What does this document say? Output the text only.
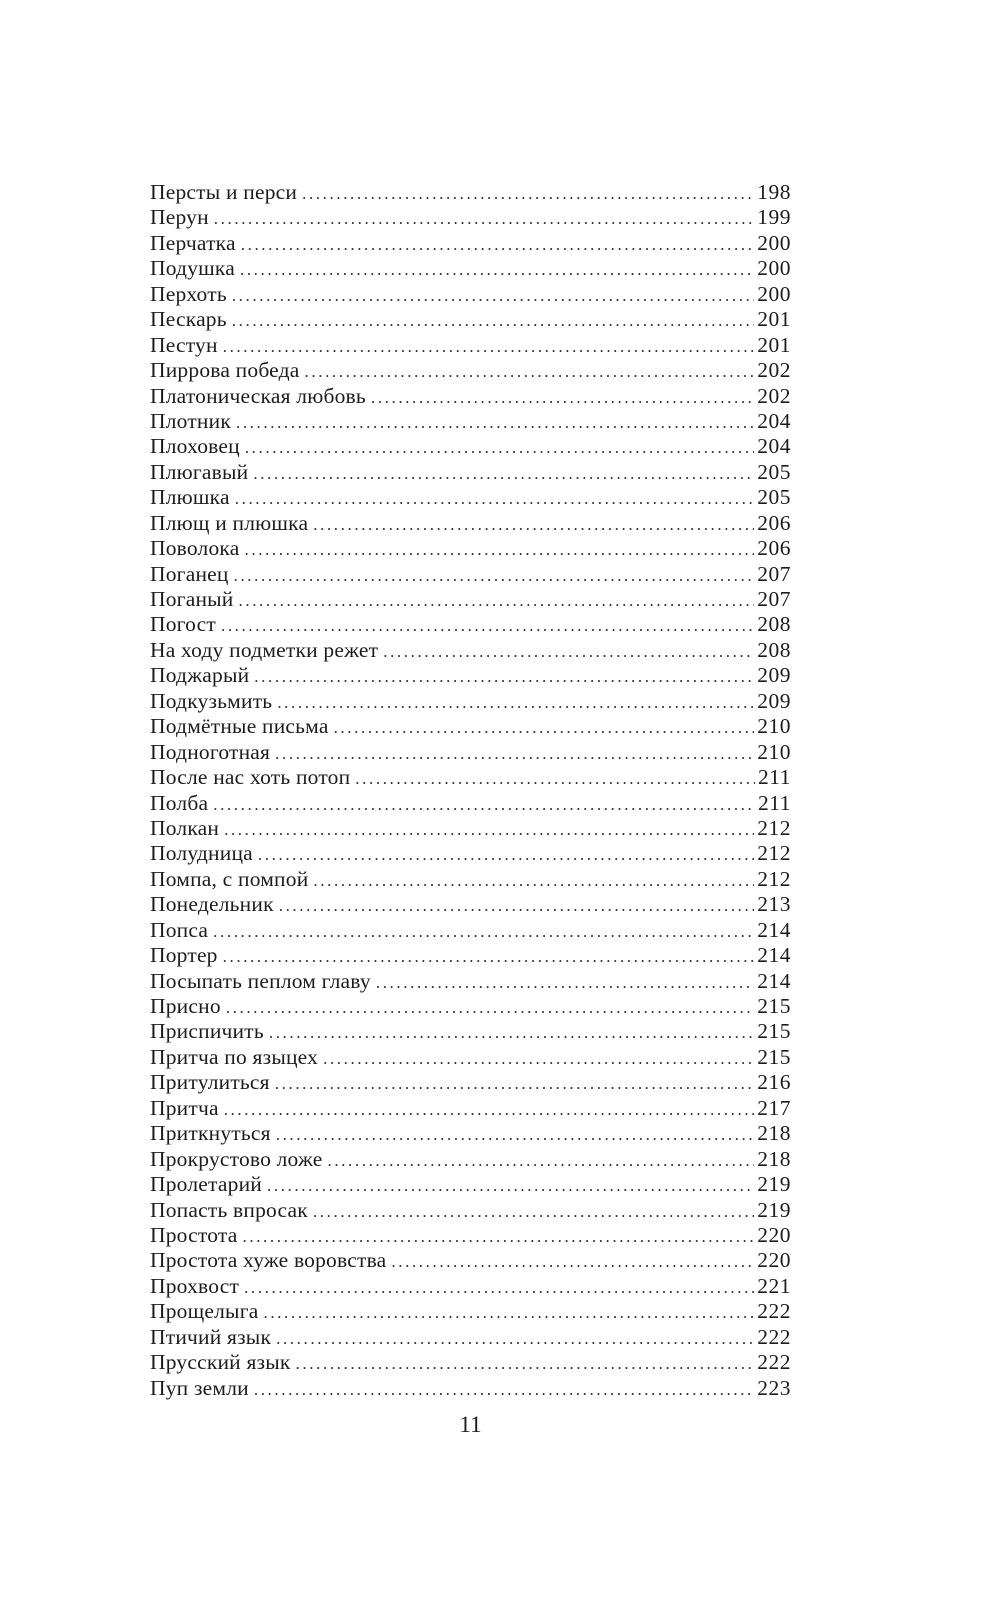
Персты и перси .....	198
Перун .....	199
Перчатка .....	200
Подушка .....	200
Перхоть .....	200
Пескарь .....	201
Пестун .....	201
Пиррова победа .....	202
Платоническая любовь .....	202
Плотник .....	204
Плоховец .....	204
Плюгавый .....	205
Плюшка .....	205
Плющ и плюшка .....	206
Поволока .....	206
Поганец .....	207
Поганый .....	207
Погост .....	208
На ходу подметки режет .....	208
Поджарый .....	209
Подкузьмить .....	209
Подмётные письма .....	210
Подноготная .....	210
После нас хоть потоп .....	211
Полба .....	211
Полкан .....	212
Полудница .....	212
Помпа, с помпой .....	212
Понедельник .....	213
Попса .....	214
Портер .....	214
Посыпать пеплом главу .....	214
Присно .....	215
Приспичить .....	215
Притча по языцех .....	215
Притулиться .....	216
Притча .....	217
Приткнуться .....	218
Прокрустово ложе .....	218
Пролетарий .....	219
Попасть впросак .....	219
Простота .....	220
Простота хуже воровства .....	220
Прохвост .....	221
Прощелыга .....	222
Птичий язык .....	222
Прусский язык .....	222
Пуп земли .....	223
11
